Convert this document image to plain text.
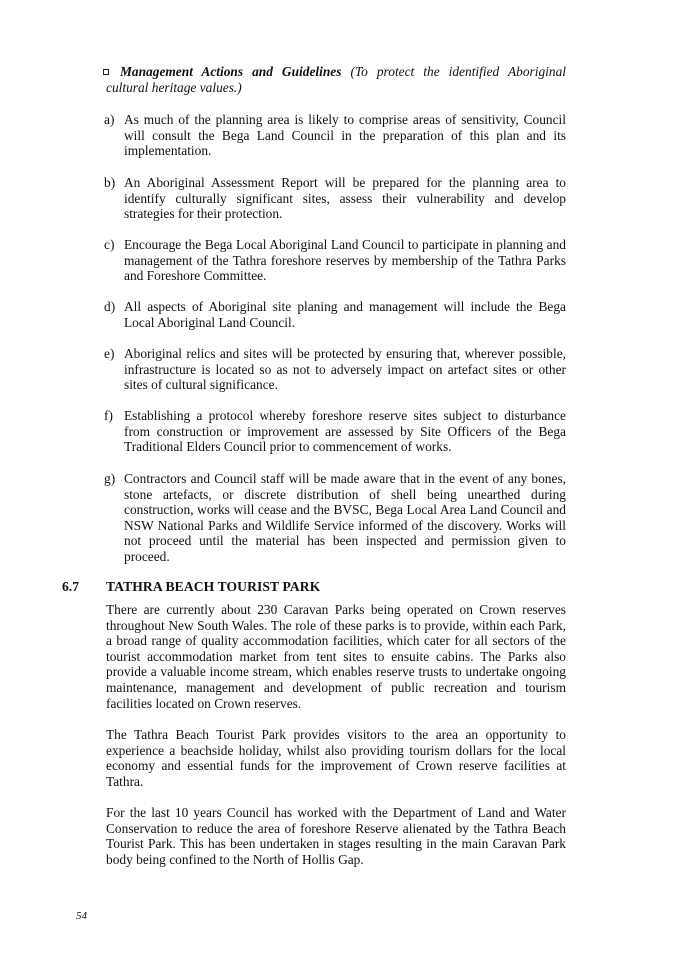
Management Actions and Guidelines (To protect the identified Aboriginal cultural heritage values.)
a) As much of the planning area is likely to comprise areas of sensitivity, Council will consult the Bega Land Council in the preparation of this plan and its implementation.
b) An Aboriginal Assessment Report will be prepared for the planning area to identify culturally significant sites, assess their vulnerability and develop strategies for their protection.
c) Encourage the Bega Local Aboriginal Land Council to participate in planning and management of the Tathra foreshore reserves by membership of the Tathra Parks and Foreshore Committee.
d) All aspects of Aboriginal site planing and management will include the Bega Local Aboriginal Land Council.
e) Aboriginal relics and sites will be protected by ensuring that, wherever possible, infrastructure is located so as not to adversely impact on artefact sites or other sites of cultural significance.
f) Establishing a protocol whereby foreshore reserve sites subject to disturbance from construction or improvement are assessed by Site Officers of the Bega Traditional Elders Council prior to commencement of works.
g) Contractors and Council staff will be made aware that in the event of any bones, stone artefacts, or discrete distribution of shell being unearthed during construction, works will cease and the BVSC, Bega Local Area Land Council and NSW National Parks and Wildlife Service informed of the discovery. Works will not proceed until the material has been inspected and permission given to proceed.
6.7 TATHRA BEACH TOURIST PARK
There are currently about 230 Caravan Parks being operated on Crown reserves throughout New South Wales. The role of these parks is to provide, within each Park, a broad range of quality accommodation facilities, which cater for all sectors of the tourist accommodation market from tent sites to ensuite cabins. The Parks also provide a valuable income stream, which enables reserve trusts to undertake ongoing maintenance, management and development of public recreation and tourism facilities located on Crown reserves.
The Tathra Beach Tourist Park provides visitors to the area an opportunity to experience a beachside holiday, whilst also providing tourism dollars for the local economy and essential funds for the improvement of Crown reserve facilities at Tathra.
For the last 10 years Council has worked with the Department of Land and Water Conservation to reduce the area of foreshore Reserve alienated by the Tathra Beach Tourist Park. This has been undertaken in stages resulting in the main Caravan Park body being confined to the North of Hollis Gap.
54
